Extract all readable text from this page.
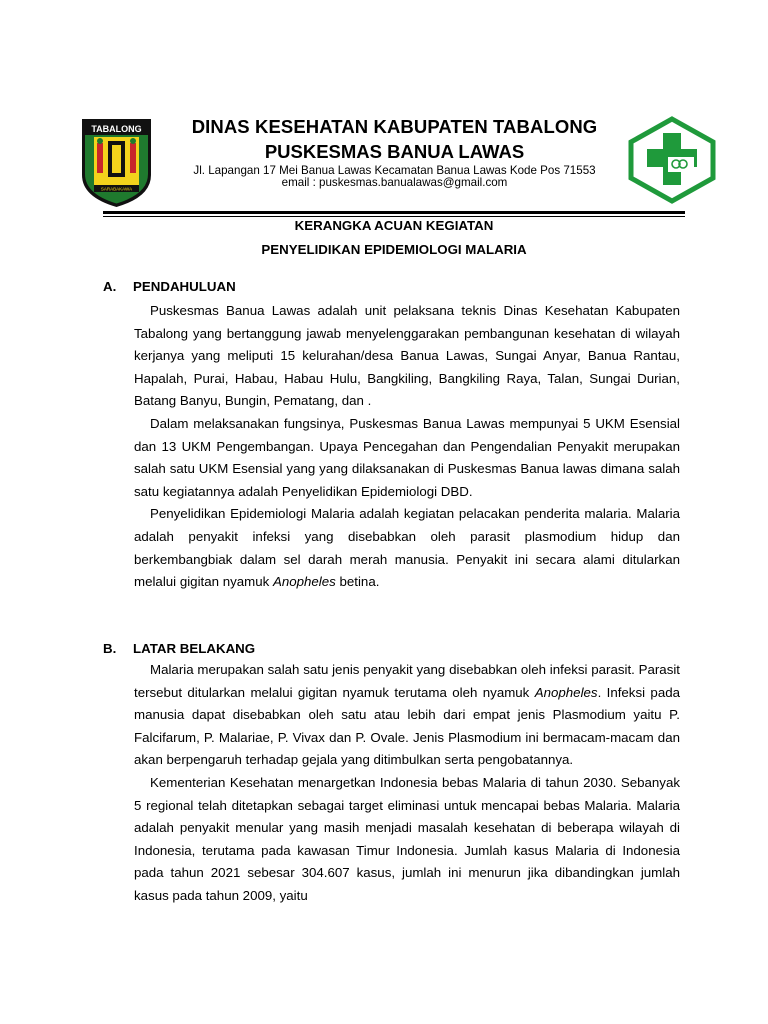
TABALONG
SARABAKAWA
DINAS KESEHATAN KABUPATEN TABALONG
PUSKESMAS BANUA LAWAS
Jl. Lapangan 17 Mei Banua Lawas Kecamatan Banua Lawas Kode Pos 71553
email : puskesmas.banualawas@gmail.com
KERANGKA ACUAN KEGIATAN
PENYELIDIKAN EPIDEMIOLOGI MALARIA
A. PENDAHULUAN

Puskesmas Banua Lawas adalah unit pelaksana teknis Dinas Kesehatan Kabupaten Tabalong yang bertanggung jawab menyelenggarakan pembangunan kesehatan di wilayah kerjanya yang meliputi 15 kelurahan/desa Banua Lawas, Sungai Anyar, Banua Rantau, Hapalah, Purai, Habau, Habau Hulu, Bangkiling, Bangkiling Raya, Talan, Sungai Durian, Batang Banyu, Bungin, Pematang, dan .

Dalam melaksanakan fungsinya, Puskesmas Banua Lawas mempunyai 5 UKM Esensial dan 13 UKM Pengembangan. Upaya Pencegahan dan Pengendalian Penyakit merupakan salah satu UKM Esensial yang yang dilaksanakan di Puskesmas Banua lawas dimana salah satu kegiatannya adalah Penyelidikan Epidemiologi DBD.

Penyelidikan Epidemiologi Malaria adalah kegiatan pelacakan penderita malaria. Malaria adalah penyakit infeksi yang disebabkan oleh parasit plasmodium hidup dan berkembangbiak dalam sel darah merah manusia. Penyakit ini secara alami ditularkan melalui gigitan nyamuk Anopheles betina.

B. LATAR BELAKANG

Malaria merupakan salah satu jenis penyakit yang disebabkan oleh infeksi parasit. Parasit tersebut ditularkan melalui gigitan nyamuk terutama oleh nyamuk Anopheles. Infeksi pada manusia dapat disebabkan oleh satu atau lebih dari empat jenis Plasmodium yaitu P. Falcifarum, P. Malariae, P. Vivax dan P. Ovale. Jenis Plasmodium ini bermacam-macam dan akan berpengaruh terhadap gejala yang ditimbulkan serta pengobatannya.

Kementerian Kesehatan menargetkan Indonesia bebas Malaria di tahun 2030. Sebanyak 5 regional telah ditetapkan sebagai target eliminasi untuk mencapai bebas Malaria. Malaria adalah penyakit menular yang masih menjadi masalah kesehatan di beberapa wilayah di Indonesia, terutama pada kawasan Timur Indonesia. Jumlah kasus Malaria di Indonesia pada tahun 2021 sebesar 304.607 kasus, jumlah ini menurun jika dibandingkan jumlah kasus pada tahun 2009, yaitu
